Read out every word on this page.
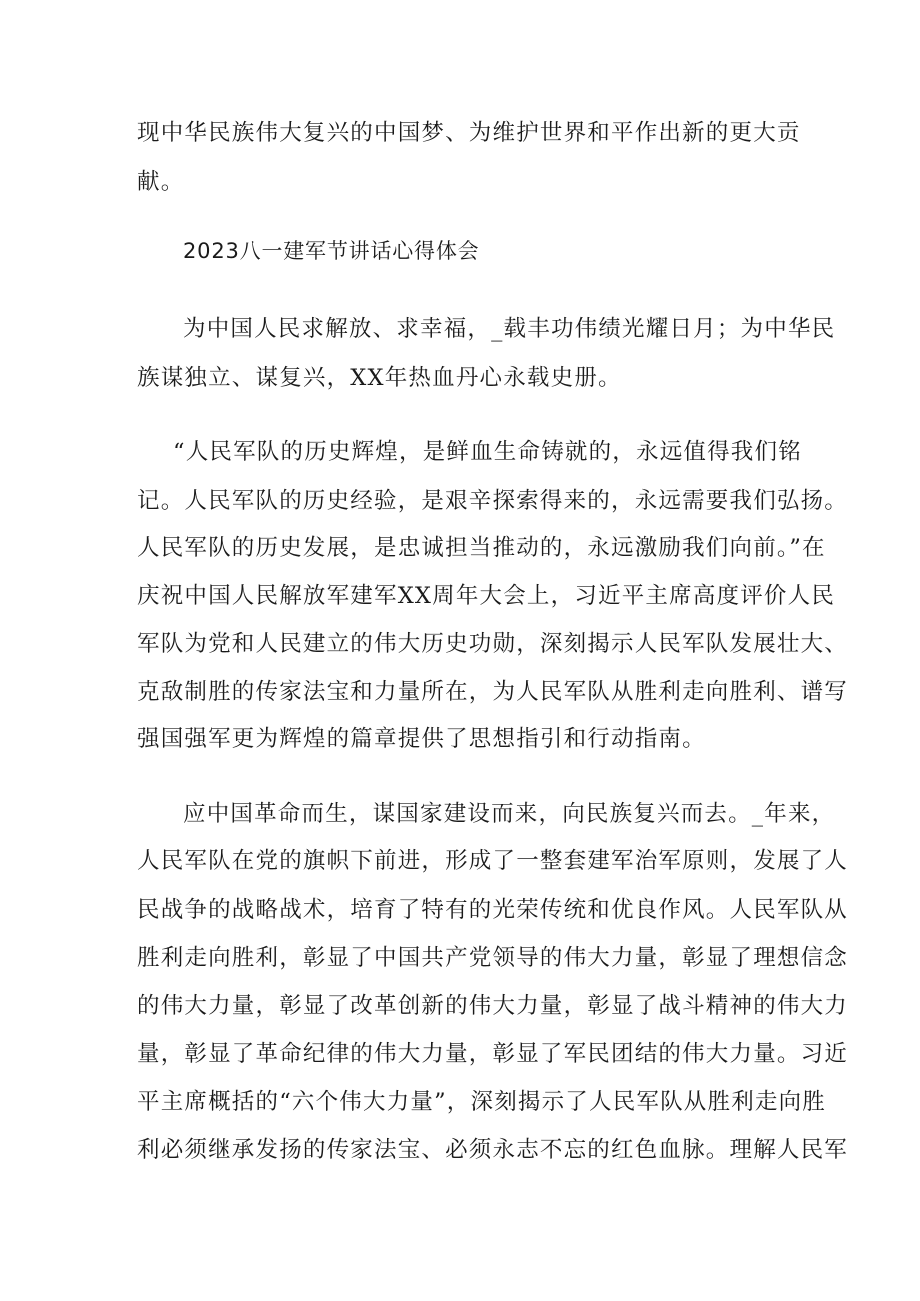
现中华民族伟大复兴的中国梦、为维护世界和平作出新的更大贡
献。
2023八一建军节讲话心得体会
为中国人民求解放、求幸福，_载丰功伟绩光耀日月；为中华民
族谋独立、谋复兴，XX年热血丹心永载史册。
“人民军队的历史辉煌，是鲜血生命铸就的，永远值得我们铭
记。人民军队的历史经验，是艰辛探索得来的，永远需要我们弘扬。
人民军队的历史发展，是忠诚担当推动的，永远激励我们向前。”在
庆祝中国人民解放军建军XX周年大会上，习近平主席高度评价人民
军队为党和人民建立的伟大历史功勋，深刻揭示人民军队发展壮大、
克敌制胜的传家法宝和力量所在，为人民军队从胜利走向胜利、谱写
强国强军更为辉煌的篇章提供了思想指引和行动指南。
应中国革命而生，谋国家建设而来，向民族复兴而去。_年来，
人民军队在党的旗帜下前进，形成了一整套建军治军原则，发展了人
民战争的战略战术，培育了特有的光荣传统和优良作风。人民军队从
胜利走向胜利，彰显了中国共产党领导的伟大力量，彰显了理想信念
的伟大力量，彰显了改革创新的伟大力量，彰显了战斗精神的伟大力
量，彰显了革命纪律的伟大力量，彰显了军民团结的伟大力量。习近
平主席概括的“六个伟大力量”，深刻揭示了人民军队从胜利走向胜
利必须继承发扬的传家法宝、必须永志不忘的红色血脉。理解人民军
